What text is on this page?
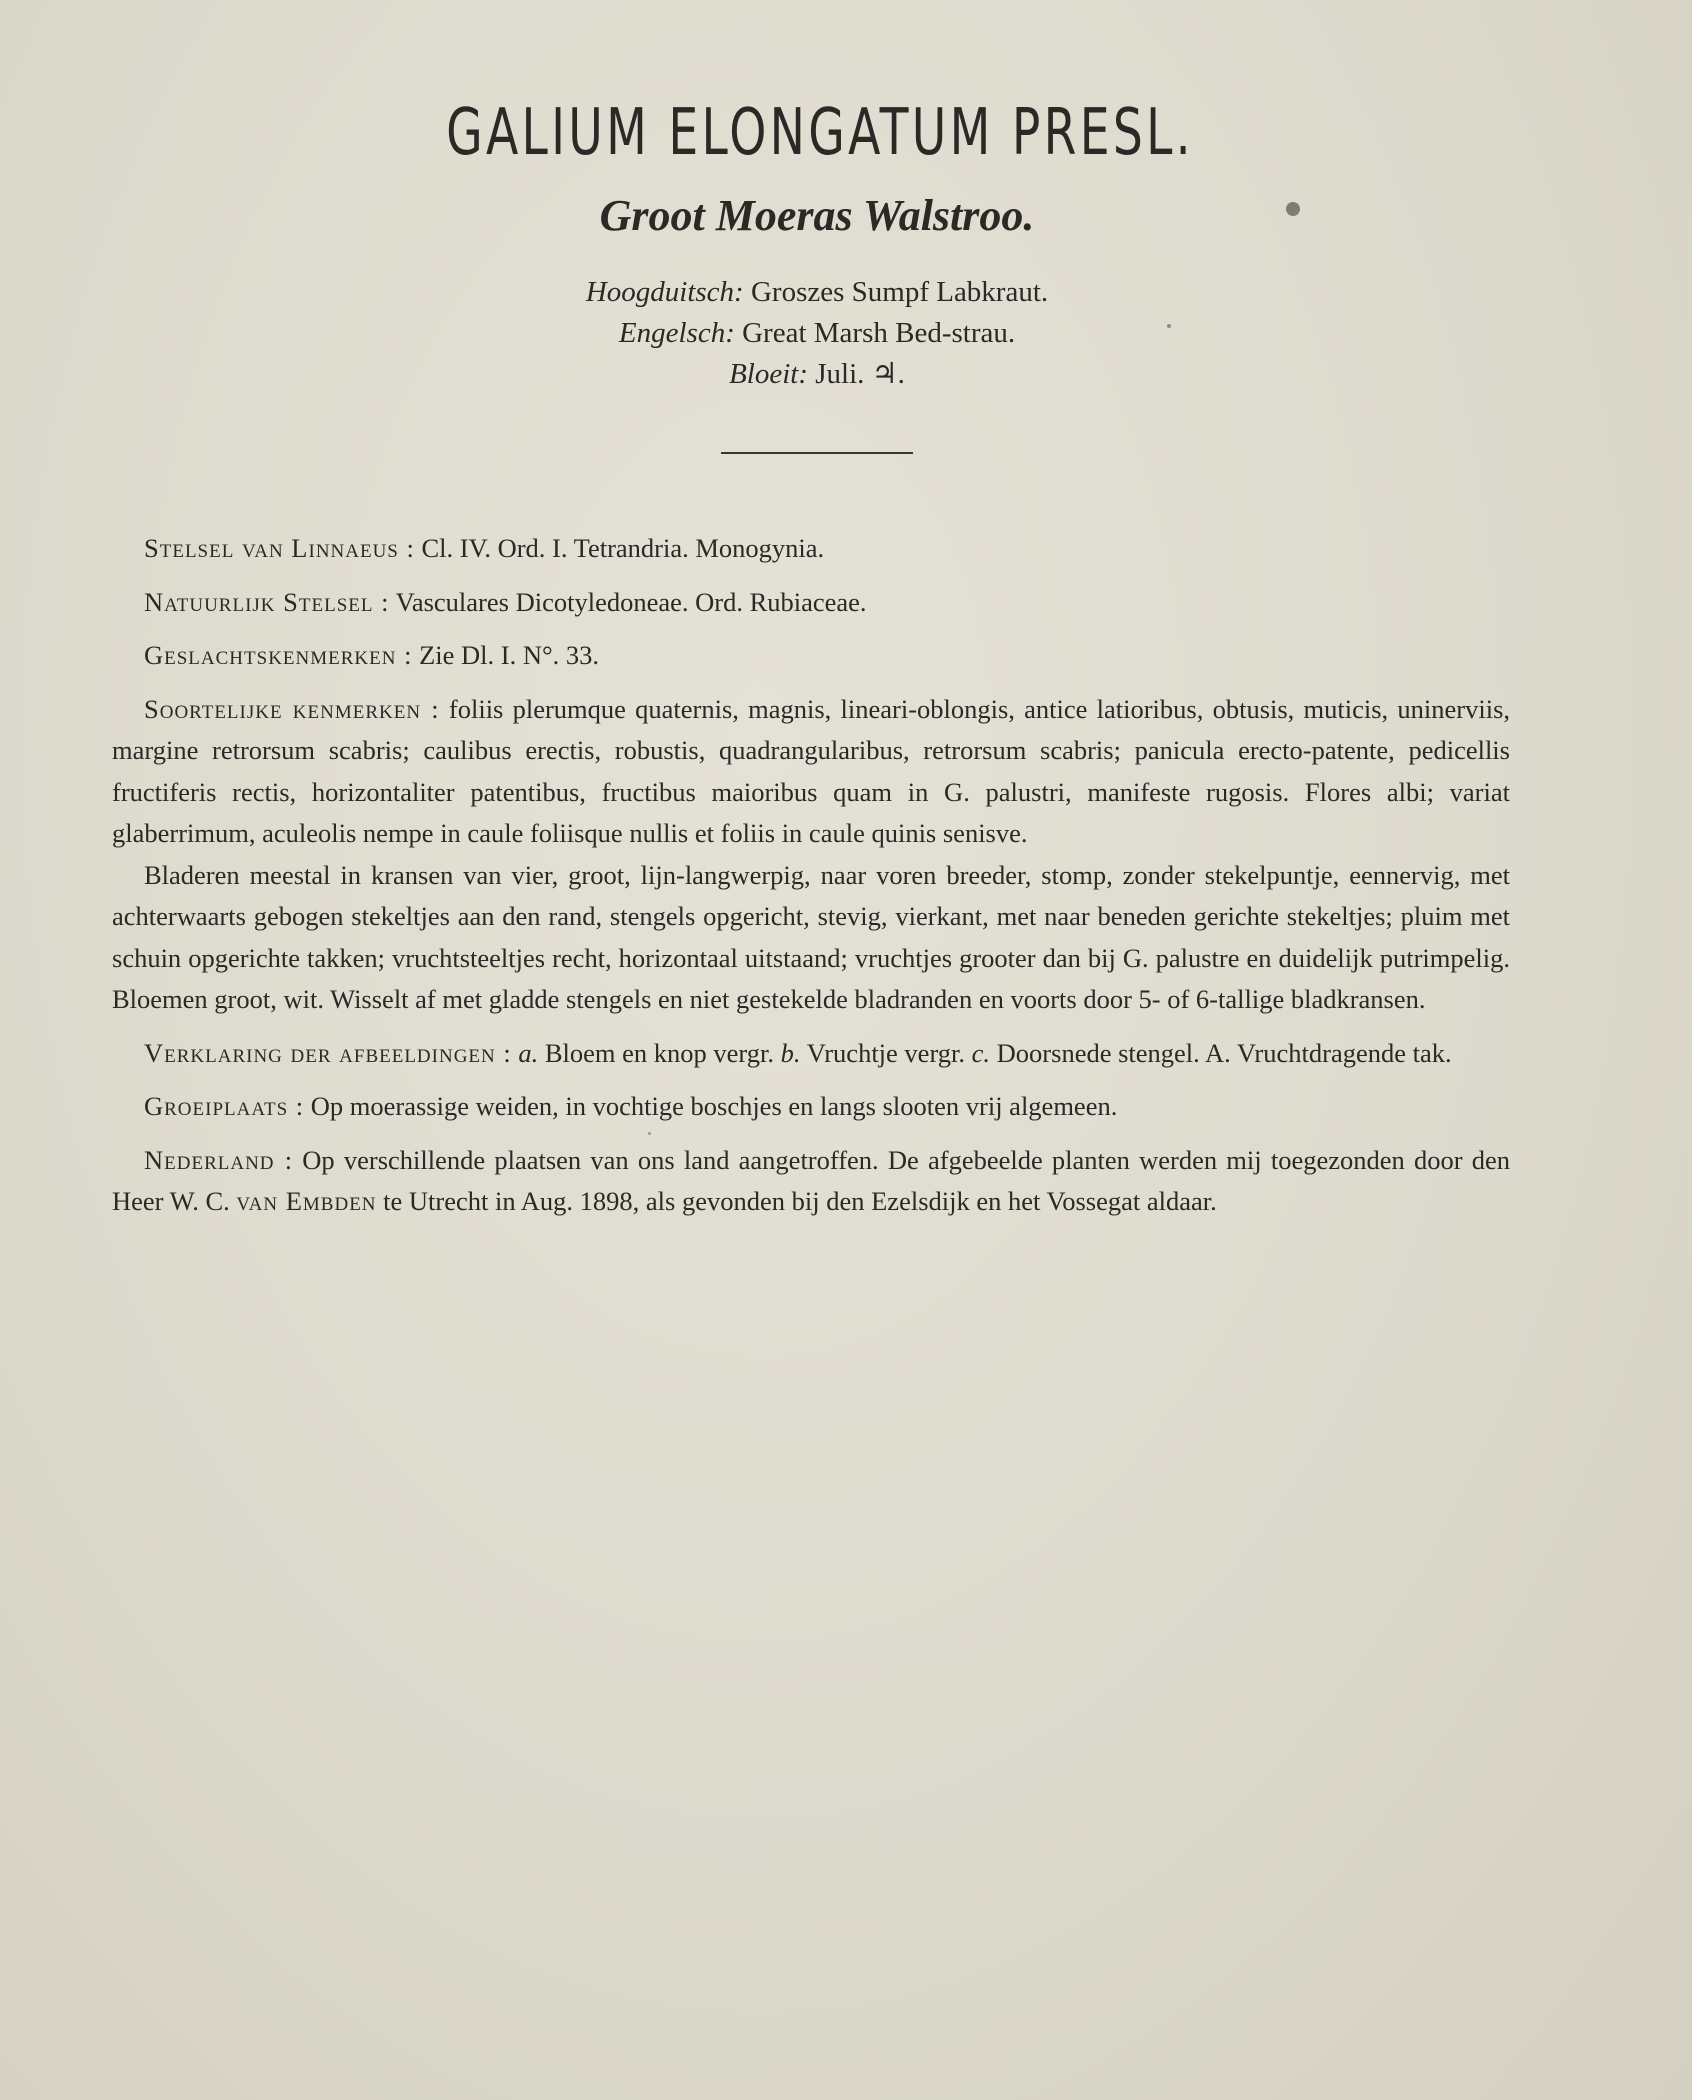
GALIUM ELONGATUM PRESL.
Groot Moeras Walstroo.
Hoogduitsch: Groszes Sumpf Labkraut.
Engelsch: Great Marsh Bed-strau.
Bloeit: Juli. ♃.

Stelsel van Linnaeus : Cl. IV. Ord. I. Tetrandria. Monogynia.

Natuurlijk Stelsel : Vasculares Dicotyledoneae. Ord. Rubiaceae.

Geslachtskenmerken : Zie Dl. I. N°. 33.

Soortelijke kenmerken : foliis plerumque quaternis, magnis, lineari-oblongis, antice latioribus, obtusis, muticis, uninerviis, margine retrorsum scabris; caulibus erectis, robustis, quadrangularibus, retrorsum scabris; panicula erecto-patente, pedicellis fructiferis rectis, horizontaliter patentibus, fructibus maioribus quam in G. palustri, manifeste rugosis. Flores albi; variat glaberrimum, aculeolis nempe in caule foliisque nullis et foliis in caule quinis senisve.

Bladeren meestal in kransen van vier, groot, lijn-langwerpig, naar voren breeder, stomp, zonder stekelpuntje, eennervig, met achterwaarts gebogen stekeltjes aan den rand, stengels opgericht, stevig, vierkant, met naar beneden gerichte stekeltjes; pluim met schuin opgerichte takken; vruchtsteeltjes recht, horizontaal uitstaand; vruchtjes grooter dan bij G. palustre en duidelijk putrimpelig. Bloemen groot, wit. Wisselt af met gladde stengels en niet gestekelde bladranden en voorts door 5- of 6-tallige bladkransen.

Verklaring der afbeeldingen : a. Bloem en knop vergr. b. Vruchtje vergr. c. Doorsnede stengel. A. Vruchtdragende tak.

Groeiplaats : Op moerassige weiden, in vochtige boschjes en langs slooten vrij algemeen.

Nederland : Op verschillende plaatsen van ons land aangetroffen. De afgebeelde planten werden mij toegezonden door den Heer W. C. van Embden te Utrecht in Aug. 1898, als gevonden bij den Ezelsdijk en het Vossegat aldaar.
